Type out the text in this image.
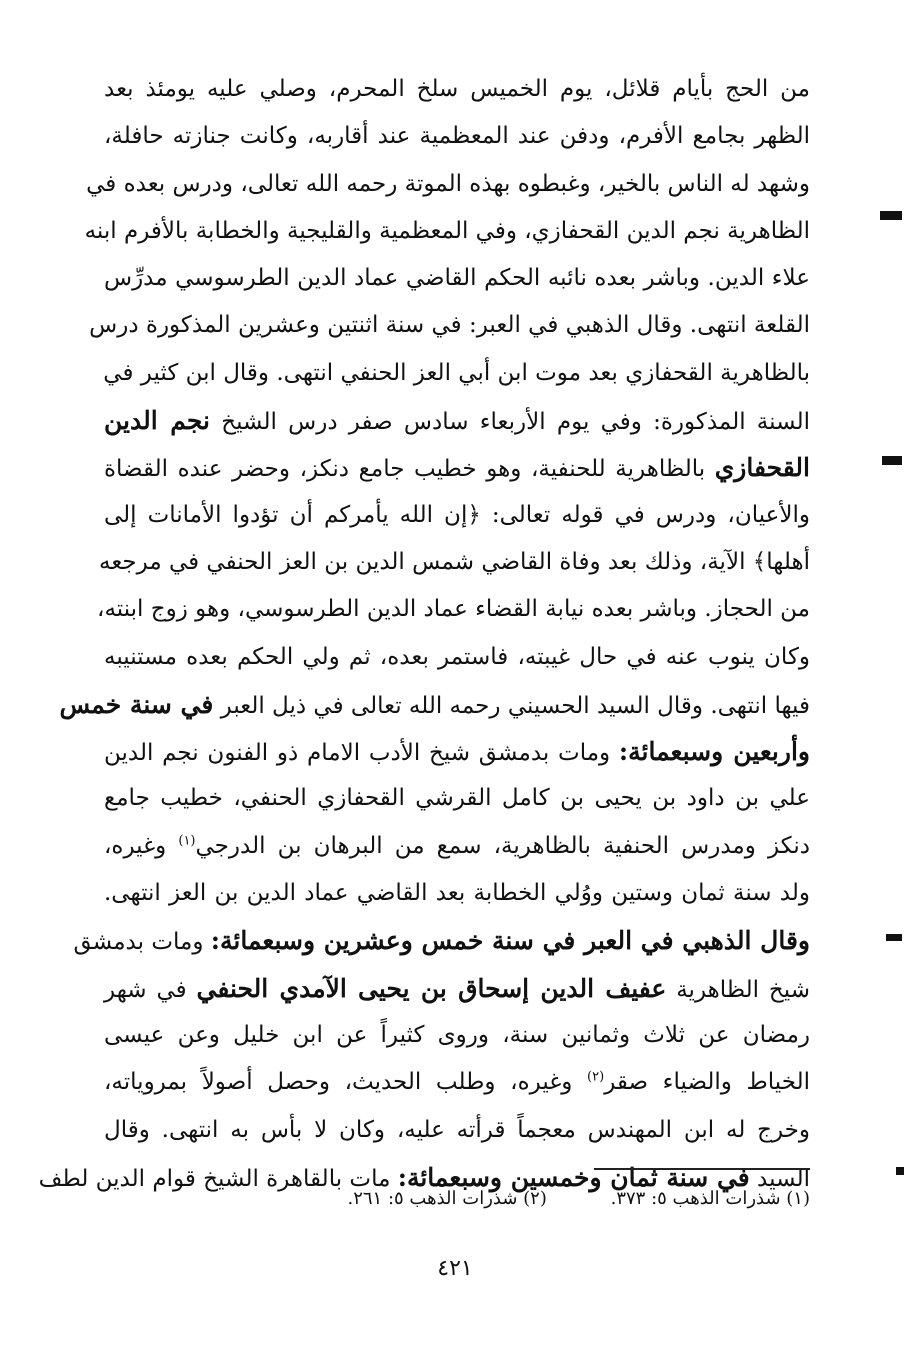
من الحج بأيام قلائل، يوم الخميس سلخ المحرم، وصلي عليه يومئذ بعد
الظهر بجامع الأفرم، ودفن عند المعظمية عند أقاربه، وكانت جنازته حافلة،
وشهد له الناس بالخير، وغبطوه بهذه الموتة رحمه الله تعالى، ودرس بعده في
الظاهرية نجم الدين القحفازي، وفي المعظمية والقليجية والخطابة بالأفرم ابنه
علاء الدين. وباشر بعده نائبه الحكم القاضي عماد الدين الطرسوسي مدرِّس
القلعة انتهى. وقال الذهبي في العبر: في سنة اثنتين وعشرين المذكورة درس
بالظاهرية القحفازي بعد موت ابن أبي العز الحنفي انتهى. وقال ابن كثير في
السنة المذكورة: وفي يوم الأربعاء سادس صفر درس الشيخ نجم الدين
القحفازي بالظاهرية للحنفية، وهو خطيب جامع دنكز، وحضر عنده القضاة
والأعيان، ودرس في قوله تعالى: ﴿إن الله يأمركم أن تؤدوا الأمانات إلى
أهلها﴾ الآية، وذلك بعد وفاة القاضي شمس الدين بن العز الحنفي في مرجعه
من الحجاز. وباشر بعده نيابة القضاء عماد الدين الطرسوسي، وهو زوج ابنته،
وكان ينوب عنه في حال غيبته، فاستمر بعده، ثم ولي الحكم بعده مستنيبه
فيها انتهى. وقال السيد الحسيني رحمه الله تعالى في ذيل العبر في سنة خمس
وأربعين وسبعمائة: ومات بدمشق شيخ الأدب الامام ذو الفنون نجم الدين
علي بن داود بن يحيى بن كامل القرشي القحفازي الحنفي، خطيب جامع
دنكز ومدرس الحنفية بالظاهرية، سمع من البرهان بن الدرجي$^{(١)}$ وغيره،
ولد سنة ثمان وستين ووُلي الخطابة بعد القاضي عماد الدين بن العز انتهى.
وقال الذهبي في العبر في سنة خمس وعشرين وسبعمائة: ومات بدمشق
شيخ الظاهرية عفيف الدين إسحاق بن يحيى الآمدي الحنفي في شهر
رمضان عن ثلاث وثمانين سنة، وروى كثيراً عن ابن خليل وعن عيسى
الخياط والضياء صقر$^{(٢)}$ وغيره، وطلب الحديث، وحصل أصولاً بمروياته،
وخرج له ابن المهندس معجماً قرأته عليه، وكان لا بأس به انتهى. وقال
السيد في سنة ثمان وخمسين وسبعمائة: مات بالقاهرة الشيخ قوام الدين لطف
(١) شذرات الذهب ٥: ٣٧٣. (٢) شذرات الذهب ٥: ٢٦١.
٤٢١
